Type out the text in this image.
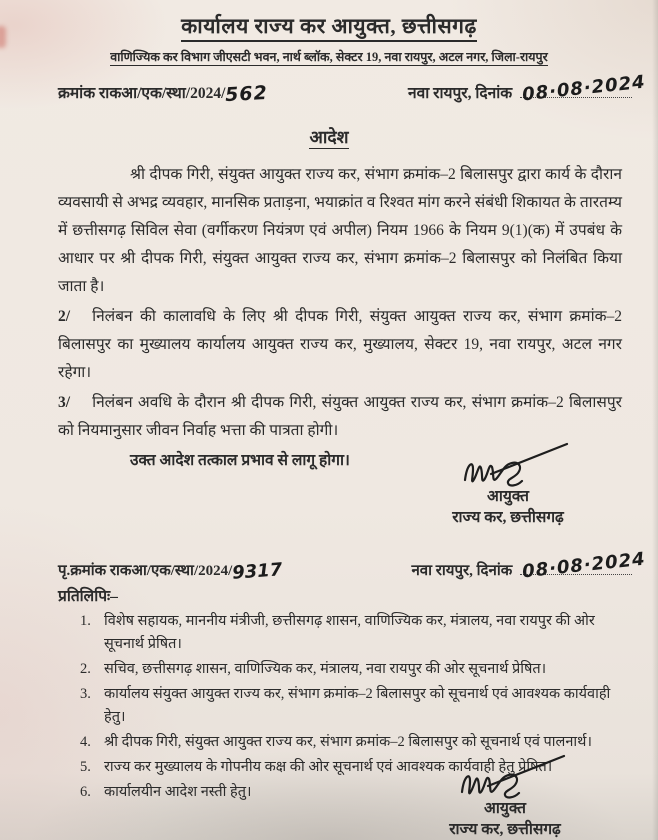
कार्यालय राज्य कर आयुक्त, छत्तीसगढ़
वाणिज्यिक कर विभाग जीएसटी भवन, नार्थ ब्लॉक, सेक्टर 19, नवा रायपुर, अटल नगर, जिला-रायपुर
क्रमांक राकआ/एक/स्था/2024/562	नवा रायपुर, दिनांक 08·08·2024
आदेश

श्री दीपक गिरी, संयुक्त आयुक्त राज्य कर, संभाग क्रमांक–2 बिलासपुर द्वारा कार्य के दौरान व्यवसायी से अभद्र व्यवहार, मानसिक प्रताड़ना, भयाक्रांत व रिश्वत मांग करने संबंधी शिकायत के तारतम्य में छत्तीसगढ़ सिविल सेवा (वर्गीकरण नियंत्रण एवं अपील) नियम 1966 के नियम 9(1)(क) में उपबंध के आधार पर श्री दीपक गिरी, संयुक्त आयुक्त राज्य कर, संभाग क्रमांक–2 बिलासपुर को निलंबित किया जाता है।

2/ निलंबन की कालावधि के लिए श्री दीपक गिरी, संयुक्त आयुक्त राज्य कर, संभाग क्रमांक–2 बिलासपुर का मुख्यालय कार्यालय आयुक्त राज्य कर, मुख्यालय, सेक्टर 19, नवा रायपुर, अटल नगर रहेगा।

3/ निलंबन अवधि के दौरान श्री दीपक गिरी, संयुक्त आयुक्त राज्य कर, संभाग क्रमांक–2 बिलासपुर को नियमानुसार जीवन निर्वाह भत्ता की पात्रता होगी।

उक्त आदेश तत्काल प्रभाव से लागू होगा।

आयुक्त
राज्य कर, छत्तीसगढ़
पृ.क्रमांक राकआ/एक/स्था/2024/9317	नवा रायपुर, दिनांक 08·08·2024
प्रतिलिपिः–
विशेष सहायक, माननीय मंत्रीजी, छत्तीसगढ़ शासन, वाणिज्यिक कर, मंत्रालय, नवा रायपुर की ओर सूचनार्थ प्रेषित।
सचिव, छत्तीसगढ़ शासन, वाणिज्यिक कर, मंत्रालय, नवा रायपुर की ओर सूचनार्थ प्रेषित।
कार्यालय संयुक्त आयुक्त राज्य कर, संभाग क्रमांक–2 बिलासपुर को सूचनार्थ एवं आवश्यक कार्यवाही हेतु।
श्री दीपक गिरी, संयुक्त आयुक्त राज्य कर, संभाग क्रमांक–2 बिलासपुर को सूचनार्थ एवं पालनार्थ।
राज्य कर मुख्यालय के गोपनीय कक्ष की ओर सूचनार्थ एवं आवश्यक कार्यवाही हेतु प्रेषित।
कार्यालयीन आदेश नस्ती हेतु।
आयुक्त
राज्य कर, छत्तीसगढ़
